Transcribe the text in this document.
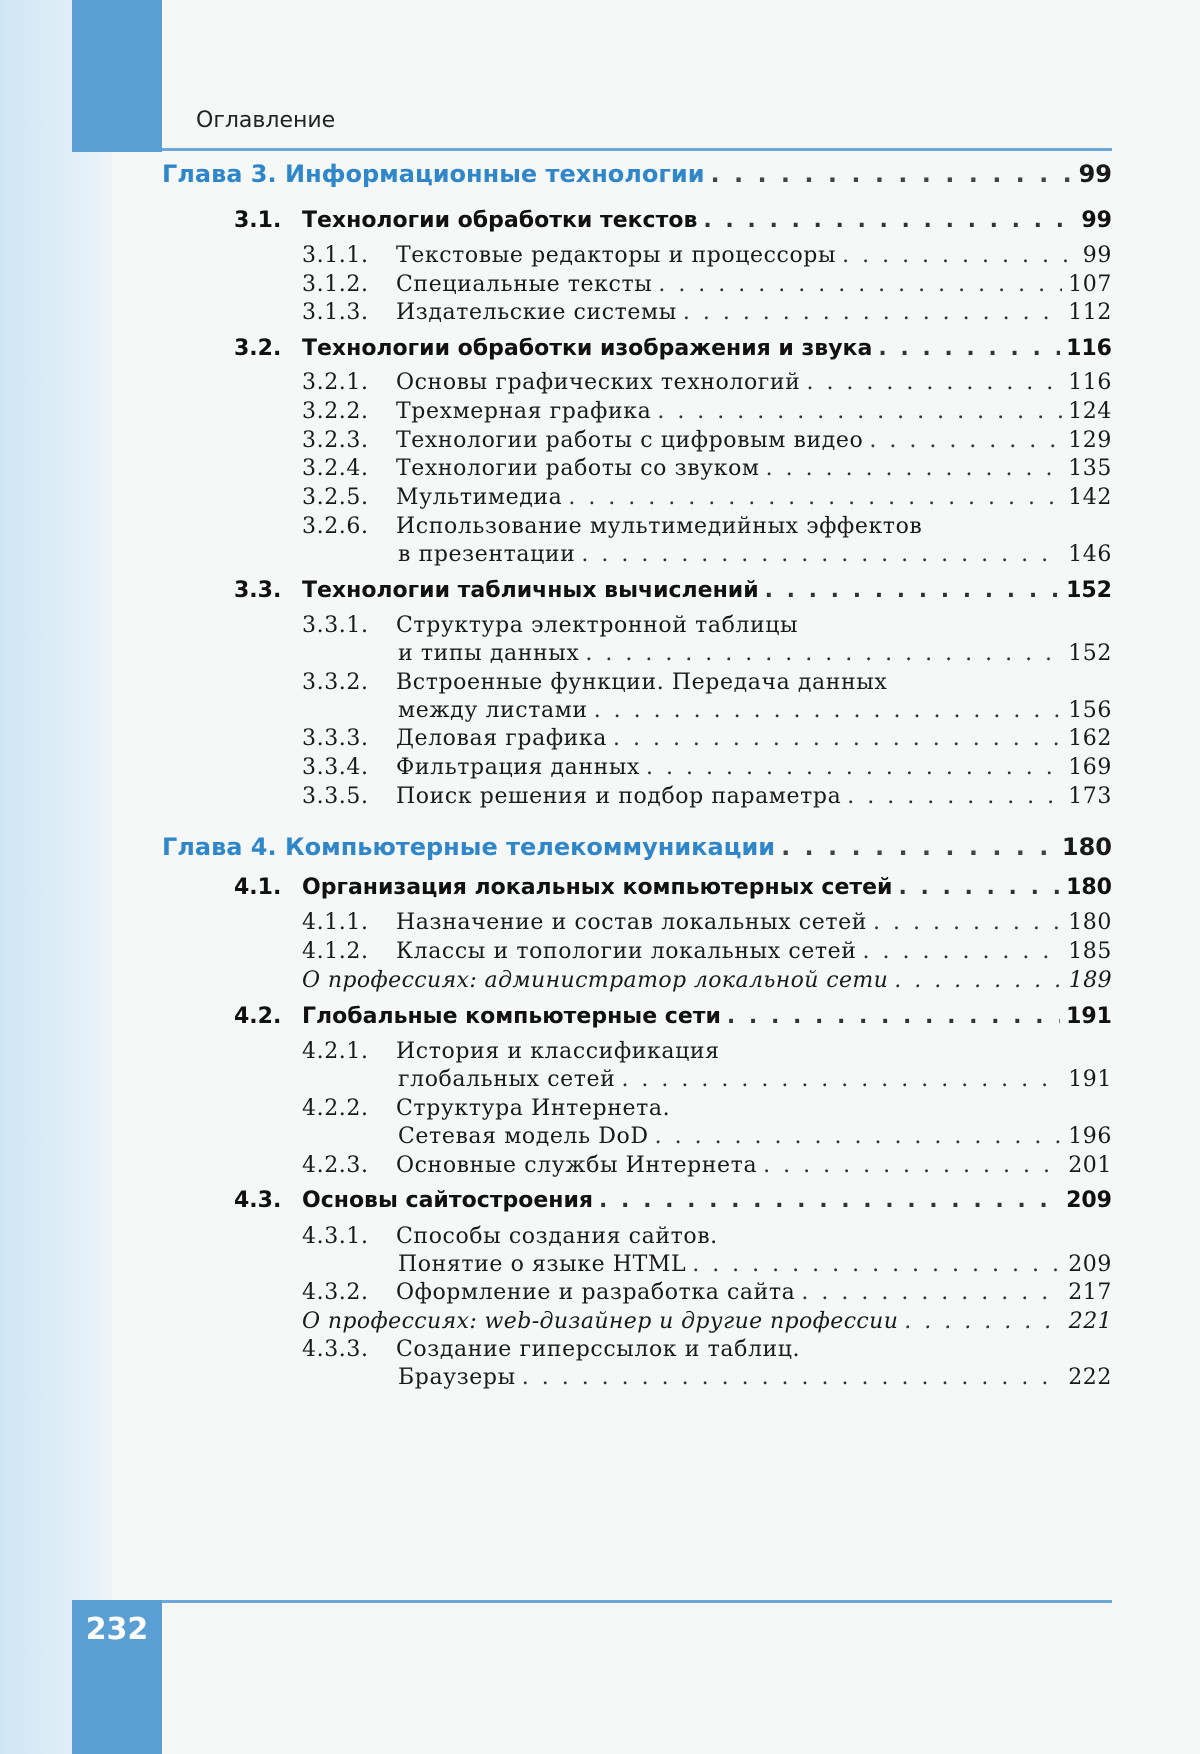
Оглавление
Глава 3. Информационные технологии . . .	99
3.1. Технологии обработки текстов . . .	99
3.1.1. Текстовые редакторы и процессоры . . .	99
3.1.2. Специальные тексты . . .	107
3.1.3. Издательские системы . . .	112
3.2. Технологии обработки изображения и звука . . .	116
3.2.1. Основы графических технологий . . .	116
3.2.2. Трехмерная графика . . .	124
3.2.3. Технологии работы с цифровым видео . . .	129
3.2.4. Технологии работы со звуком . . .	135
3.2.5. Мультимедиа . . .	142
3.2.6. Использование мультимедийных эффектов
в презентации . . .	146
3.3. Технологии табличных вычислений . . .	152
3.3.1. Структура электронной таблицы
и типы данных . . .	152
3.3.2. Встроенные функции. Передача данных
между листами . . .	156
3.3.3. Деловая графика . . .	162
3.3.4. Фильтрация данных . . .	169
3.3.5. Поиск решения и подбор параметра . . .	173
Глава 4. Компьютерные телекоммуникации . . .	180
4.1. Организация локальных компьютерных сетей . . .	180
4.1.1. Назначение и состав локальных сетей . . .	180
4.1.2. Классы и топологии локальных сетей . . .	185
О профессиях: администратор локальной сети . . .	189
4.2. Глобальные компьютерные сети . . .	191
4.2.1. История и классификация
глобальных сетей . . .	191
4.2.2. Структура Интернета.
Сетевая модель DoD . . .	196
4.2.3. Основные службы Интернета . . .	201
4.3. Основы сайтостроения . . .	209
4.3.1. Способы создания сайтов.
Понятие о языке HTML . . .	209
4.3.2. Оформление и разработка сайта . . .	217
О профессиях: web-дизайнер и другие профессии . . .	221
4.3.3. Создание гиперссылок и таблиц.
Браузеры . . .	222
232
